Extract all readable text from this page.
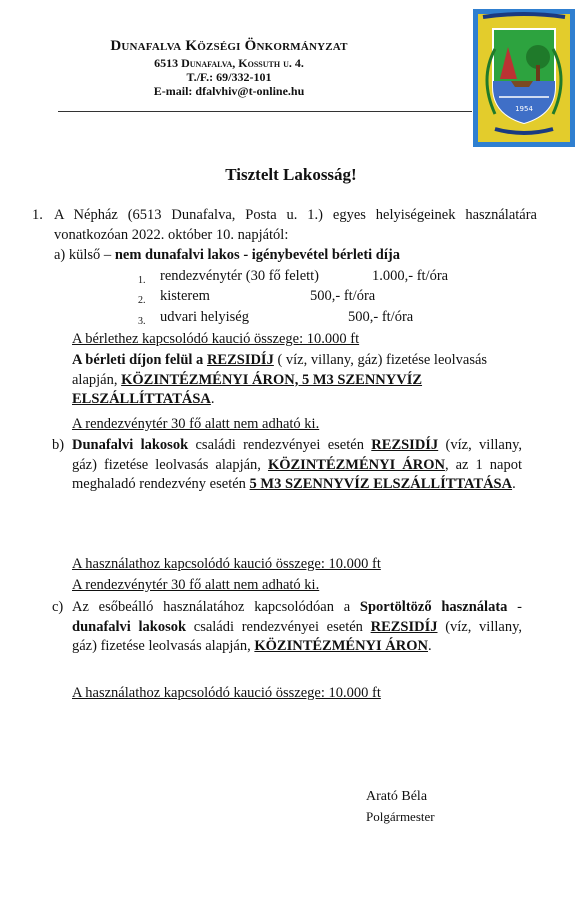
Dunafalva Községi Önkormányzat
6513 Dunafalva, Kossuth u. 4.
T./F.: 69/332-101
E-mail: dfalvhiv@t-online.hu
1954
Tisztelt Lakosság!
1. A Népház (6513 Dunafalva, Posta u. 1.) egyes helyiségeinek használatára vonatkozóan 2022. október 10. napjától:
a) külső – nem dunafalvi lakos - igénybevétel bérleti díja
1. rendezvénytér (30 fő felett)	1.000,- ft/óra
2. kisterem	500,- ft/óra
3. udvari helyiség	500,- ft/óra
A bérlethez kapcsolódó kaució összege: 10.000 ft
A bérleti díjon felül a REZSIDÍJ ( víz, villany, gáz) fizetése leolvasás alapján, KÖZINTÉZMÉNYI ÁRON, 5 M3 SZENNYVÍZ ELSZÁLLÍTTATÁSA.
A rendezvénytér 30 fő alatt nem adható ki.
b) Dunafalvi lakosok családi rendezvényei esetén REZSIDÍJ (víz, villany, gáz) fizetése leolvasás alapján, KÖZINTÉZMÉNYI ÁRON, az 1 napot meghaladó rendezvény esetén 5 M3 SZENNYVÍZ ELSZÁLLÍTTATÁSA.
A használathoz kapcsolódó kaució összege: 10.000 ft
A rendezvénytér 30 fő alatt nem adható ki.
c) Az esőbeálló használatához kapcsolódóan a Sportöltöző használata - dunafalvi lakosok családi rendezvényei esetén REZSIDÍJ (víz, villany, gáz) fizetése leolvasás alapján, KÖZINTÉZMÉNYI ÁRON.
A használathoz kapcsolódó kaució összege: 10.000 ft
Arató Béla
Polgármester
